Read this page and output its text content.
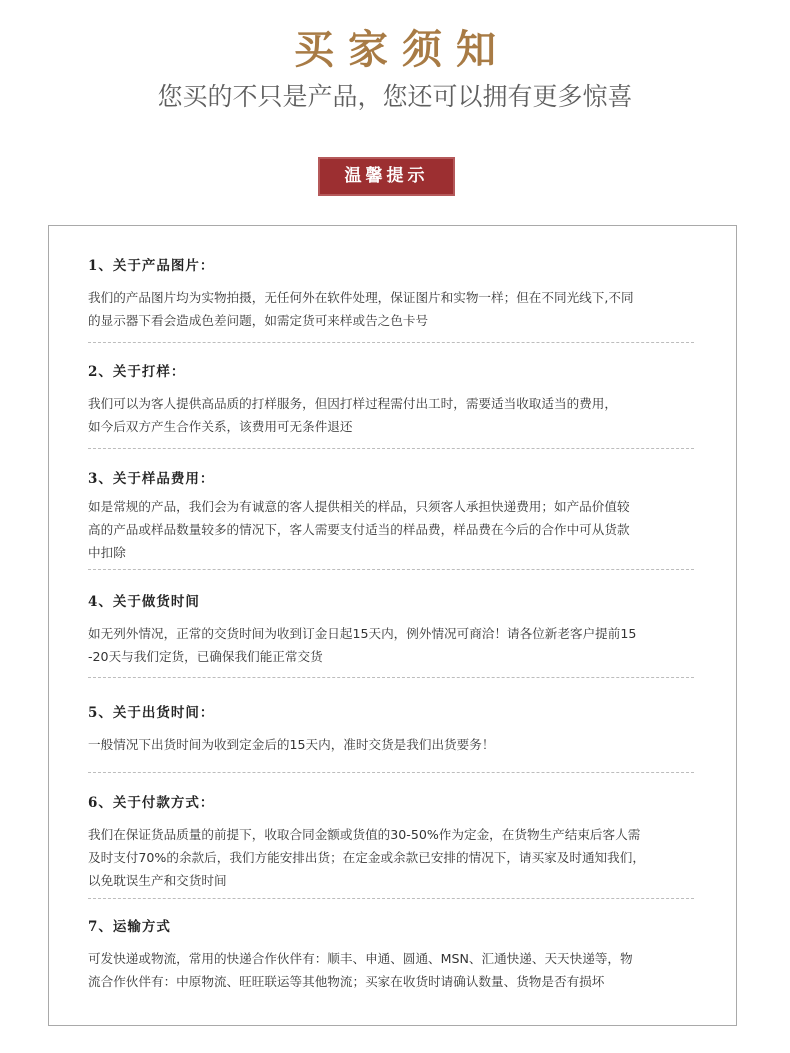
买家须知
您买的不只是产品，您还可以拥有更多惊喜
温馨提示
1、关于产品图片：
我们的产品图片均为实物拍摄，无任何外在软件处理，保证图片和实物一样；但在不同光线下,不同
的显示器下看会造成色差问题，如需定货可来样或告之色卡号
2、关于打样：
我们可以为客人提供高品质的打样服务，但因打样过程需付出工时，需要适当收取适当的费用，
如今后双方产生合作关系，该费用可无条件退还
3、关于样品费用：
如是常规的产品，我们会为有诚意的客人提供相关的样品，只须客人承担快递费用；如产品价值较
高的产品或样品数量较多的情况下，客人需要支付适当的样品费，样品费在今后的合作中可从货款
中扣除
4、关于做货时间
如无列外情况，正常的交货时间为收到订金日起15天内，例外情况可商洽！请各位新老客户提前15
-20天与我们定货，已确保我们能正常交货
5、关于出货时间：
一般情况下出货时间为收到定金后的15天内，准时交货是我们出货要务！
6、关于付款方式：
我们在保证货品质量的前提下，收取合同金额或货值的30-50%作为定金，在货物生产结束后客人需
及时支付70%的余款后，我们方能安排出货；在定金或余款已安排的情况下，请买家及时通知我们，
以免耽误生产和交货时间
7、运输方式
可发快递或物流，常用的快递合作伙伴有：顺丰、申通、圆通、MSN、汇通快递、天天快递等，物
流合作伙伴有：中原物流、旺旺联运等其他物流；买家在收货时请确认数量、货物是否有损坏
